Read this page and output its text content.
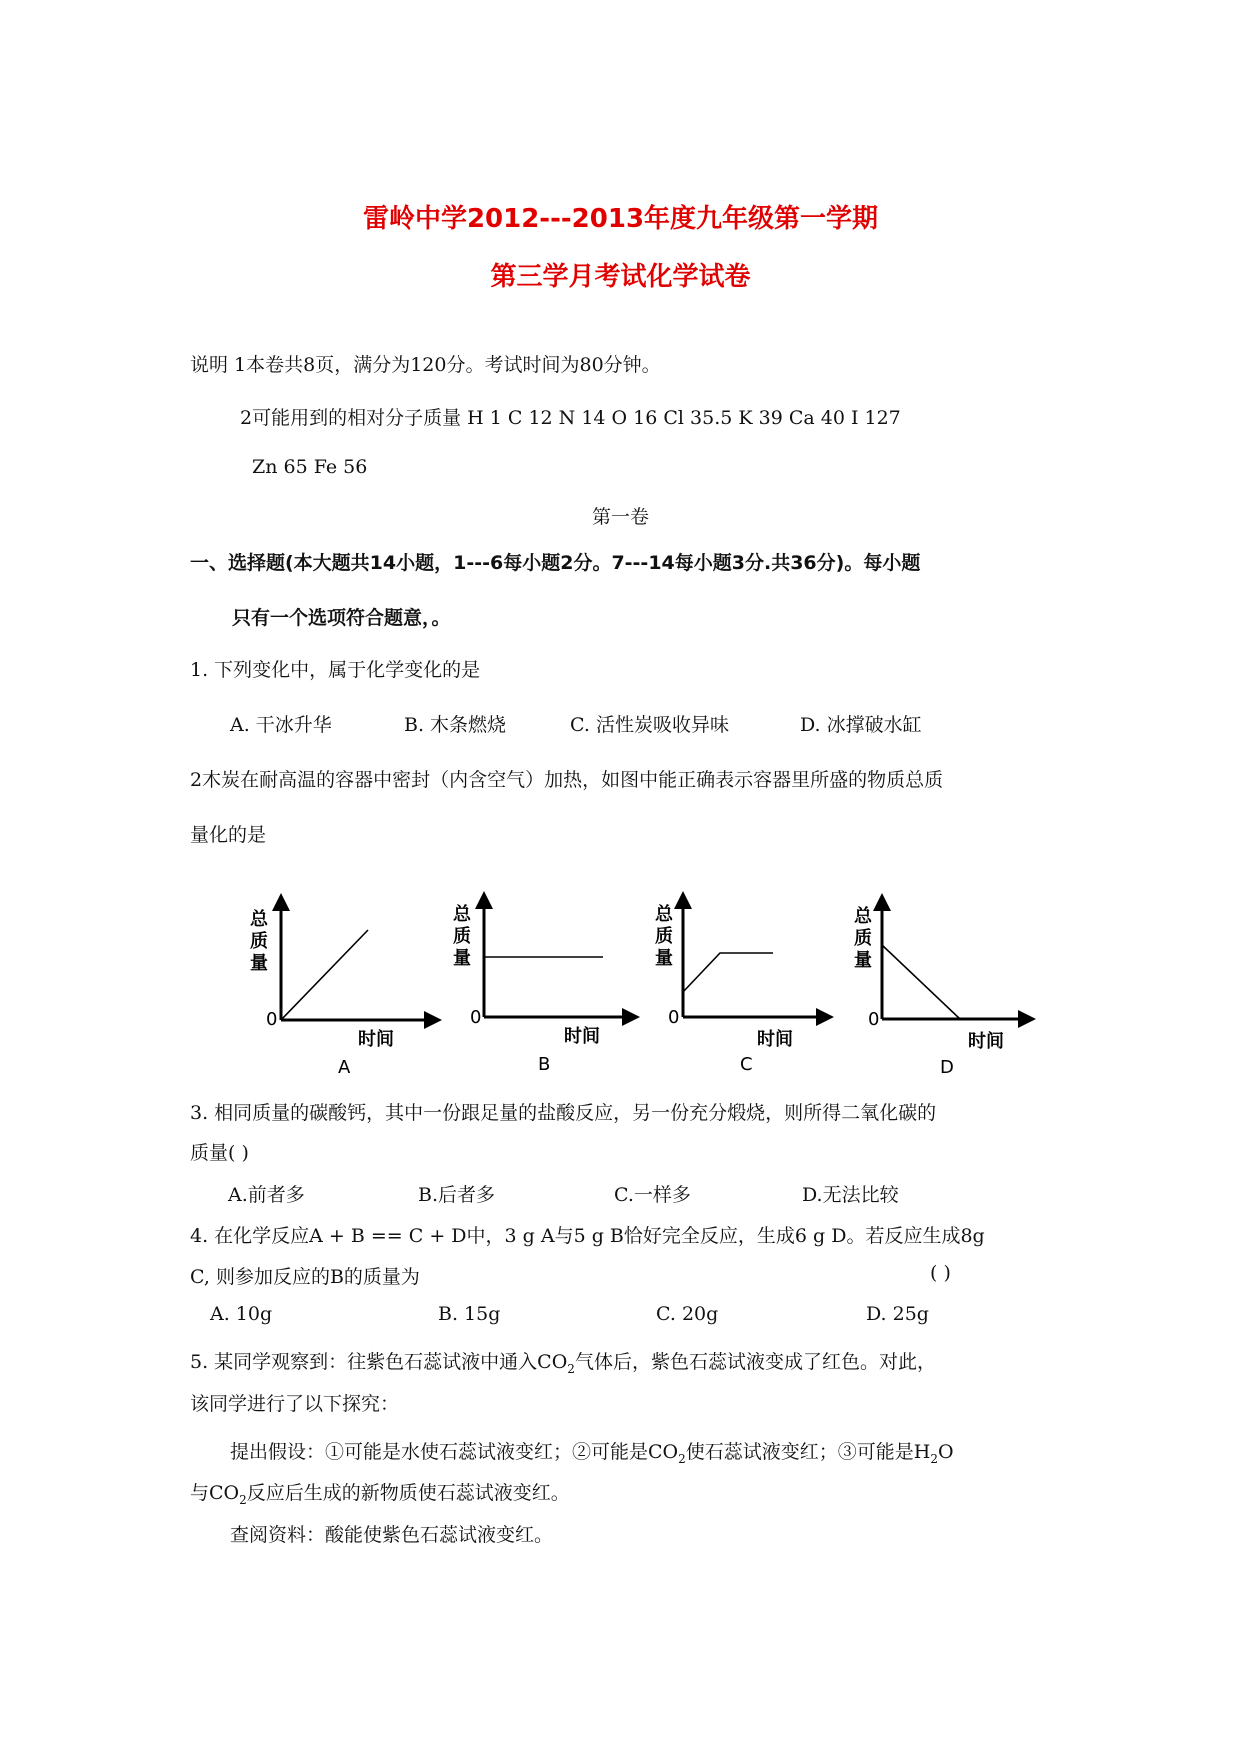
雷岭中学2012---2013年度九年级第一学期
第三学月考试化学试卷
说明 1本卷共8页，满分为120分。考试时间为80分钟。
2可能用到的相对分子质量 H 1 C 12 N 14 O 16 Cl 35.5 K 39 Ca 40 I 127
Zn 65 Fe 56
第一卷
一、选择题(本大题共14小题，1---6每小题2分。7---14每小题3分.共36分)。每小题
只有一个选项符合题意，。
1. 下列变化中，属于化学变化的是
A. 干冰升华	B. 木条燃烧	C. 活性炭吸收异味	D. 冰撑破水缸
2木炭在耐高温的容器中密封（内含空气）加热，如图中能正确表示容器里所盛的物质总质
量化的是
总
质
量
0
时间
A
总
质
量
0
时间
B
总
质
量
0
时间
C
总
质
量
0
时间
D
3. 相同质量的碳酸钙，其中一份跟足量的盐酸反应，另一份充分煅烧，则所得二氧化碳的
质量( )
A.前者多	B.后者多	C.一样多	D.无法比较
4. 在化学反应A + B == C + D中，3 g A与5 g B恰好完全反应，生成6 g D。若反应生成8g
C, 则参加反应的B的质量为	( )
A. 10g	B. 15g	C. 20g	D. 25g
5. 某同学观察到：往紫色石蕊试液中通入$CO_2$气体后，紫色石蕊试液变成了红色。对此，
该同学进行了以下探究：
提出假设：①可能是水使石蕊试液变红；②可能是$CO_2$使石蕊试液变红；③可能是$H_2O$
与$CO_2$反应后生成的新物质使石蕊试液变红。
查阅资料：酸能使紫色石蕊试液变红。
